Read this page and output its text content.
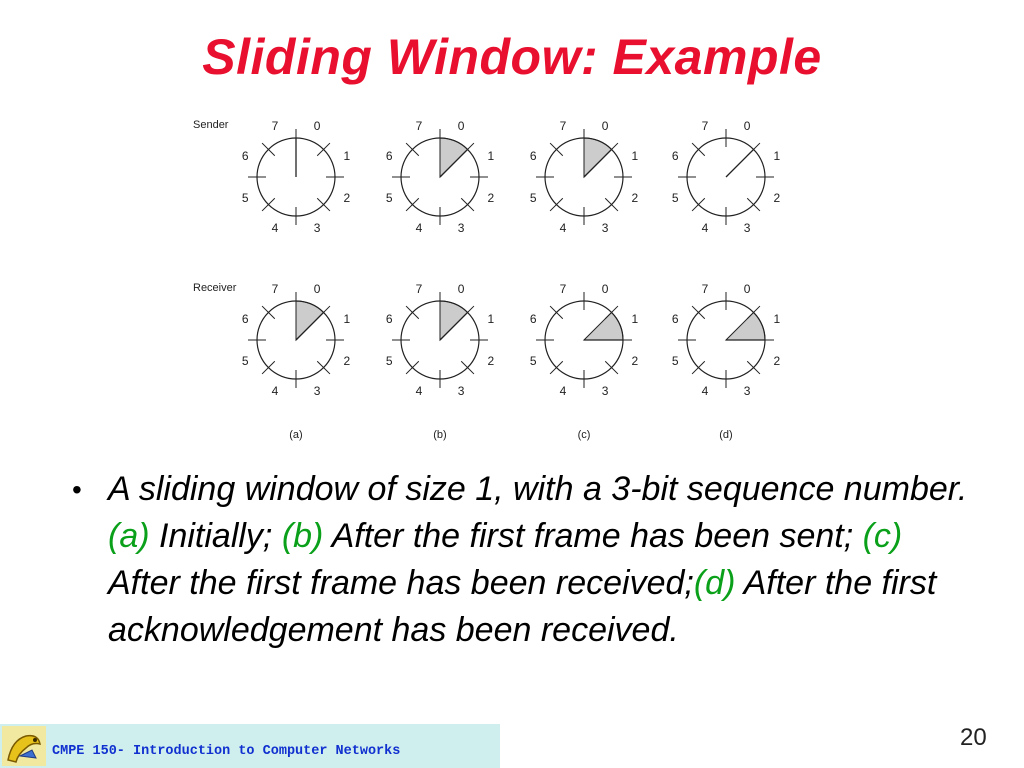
Sliding Window: Example
Sender
Receiver
0
1
2
3
4
5
6
7	0
1
2
3
4
5
6
7	0
1
2
3
4
5
6
7	0
1
2
3
4
5
6
7
0
1
2
3
4
5
6
7	0
1
2
3
4
5
6
7	0
1
2
3
4
5
6
7	0
1
2
3
4
5
6
7
(a)	(b)	(c)	(d)
• A sliding window of size 1, with a 3-bit sequence number.(a) Initially; (b) After the first frame has been sent; (c) After the first frame has been received;(d) After the first acknowledgement has been received.
CMPE 150- Introduction to Computer Networks
20
